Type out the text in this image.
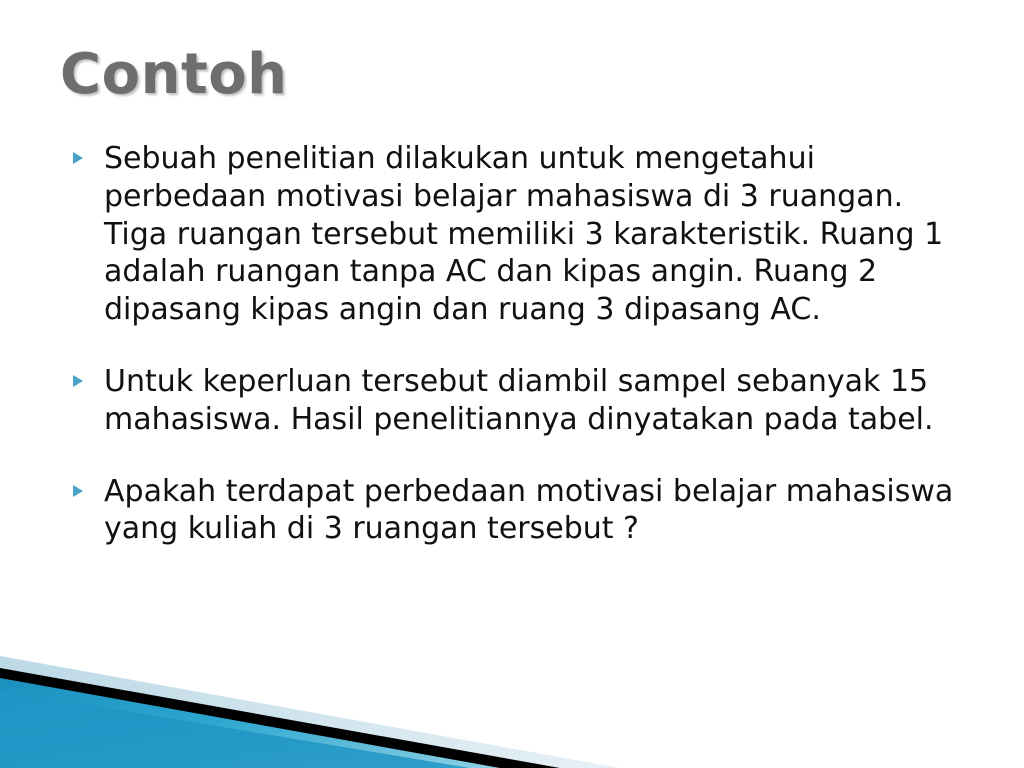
Contoh
Sebuah penelitian dilakukan untuk mengetahui perbedaan motivasi belajar mahasiswa di 3 ruangan. Tiga ruangan tersebut memiliki 3 karakteristik. Ruang 1 adalah ruangan tanpa AC dan kipas angin. Ruang 2 dipasang kipas angin dan ruang 3 dipasang AC.
Untuk keperluan tersebut diambil sampel sebanyak 15 mahasiswa. Hasil penelitiannya dinyatakan pada tabel.
Apakah terdapat perbedaan motivasi belajar mahasiswa yang kuliah di 3 ruangan tersebut ?
